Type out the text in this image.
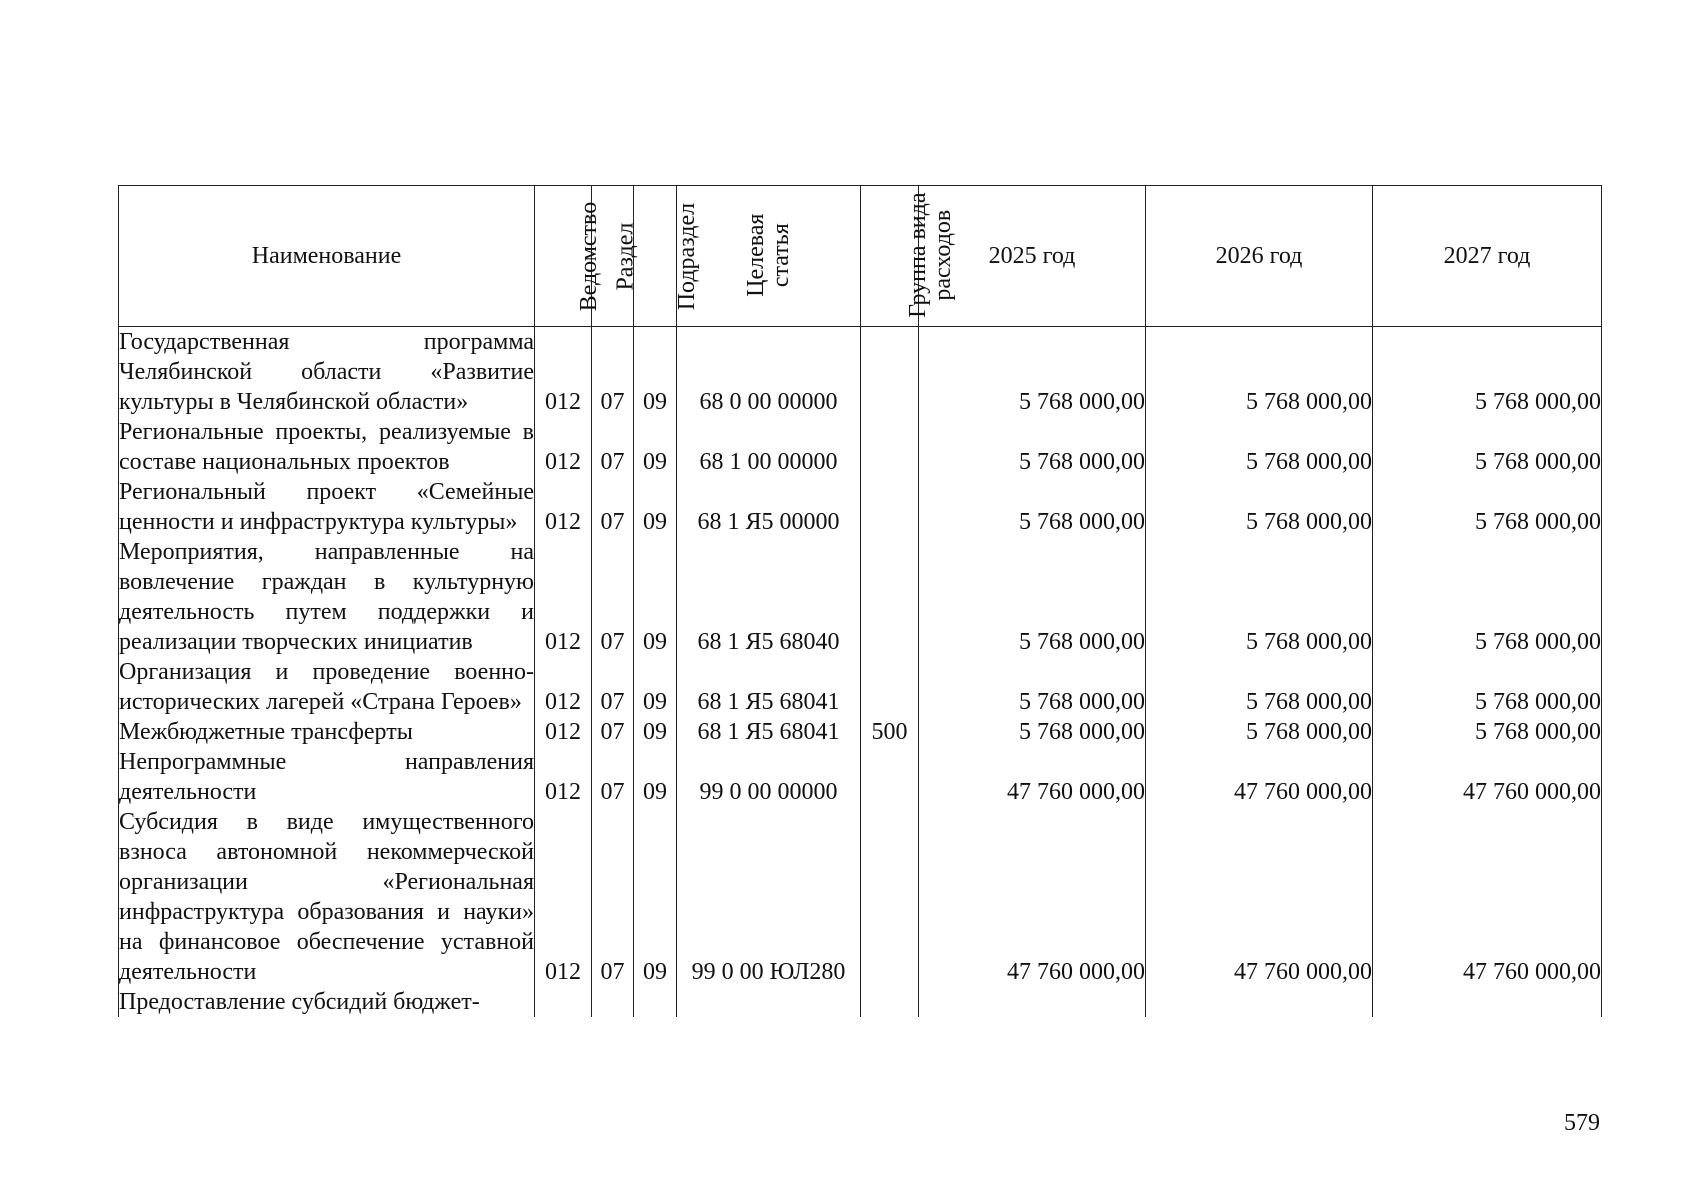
Наименование	Ведомство	Раздел	Подраздел	Целевая статья	Группа вида расходов	2025 год	2026 год	2027 год
Государственная программа Челябинской области «Развитие культуры в Челябинской области»	012	07	09	68 0 00 00000		5 768 000,00	5 768 000,00	5 768 000,00
Региональные проекты, реализуемые в составе национальных проектов	012	07	09	68 1 00 00000		5 768 000,00	5 768 000,00	5 768 000,00
Региональный проект «Семейные ценности и инфраструктура культуры»	012	07	09	68 1 Я5 00000		5 768 000,00	5 768 000,00	5 768 000,00
Мероприятия, направленные на вовлечение граждан в культурную деятельность путем поддержки и реализации творческих инициатив	012	07	09	68 1 Я5 68040		5 768 000,00	5 768 000,00	5 768 000,00
Организация и проведение военно-исторических лагерей «Страна Героев»	012	07	09	68 1 Я5 68041		5 768 000,00	5 768 000,00	5 768 000,00
Межбюджетные трансферты	012	07	09	68 1 Я5 68041	500	5 768 000,00	5 768 000,00	5 768 000,00
Непрограммные направления деятельности	012	07	09	99 0 00 00000		47 760 000,00	47 760 000,00	47 760 000,00
Субсидия в виде имущественного взноса автономной некоммерческой организации «Региональная инфраструктура образования и науки» на финансовое обеспечение уставной деятельности	012	07	09	99 0 00 ЮЛ280		47 760 000,00	47 760 000,00	47 760 000,00
Предоставление субсидий бюджет-								
579
